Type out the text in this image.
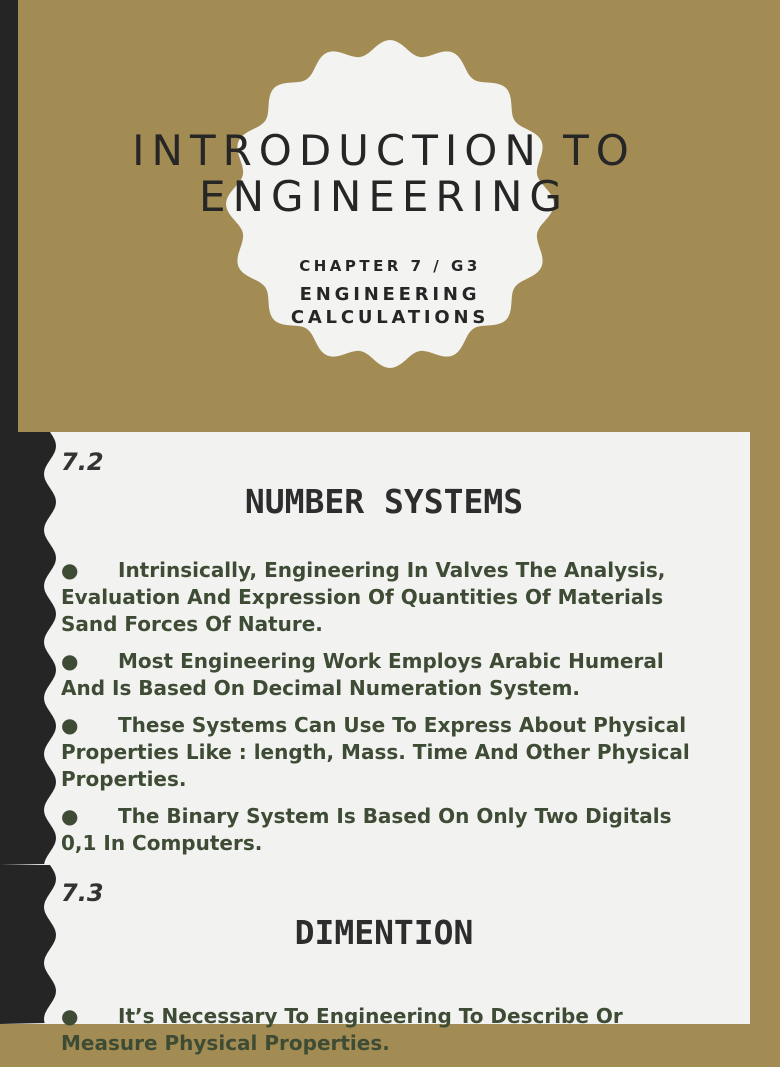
INTRODUCTION TO
ENGINEERING
CHAPTER 7 / G3
ENGINEERING
CALCULATIONS
7.2
NUMBER SYSTEMS
● Intrinsically, Engineering In Valves The Analysis, Evaluation And Expression Of Quantities Of Materials Sand Forces Of Nature.
● Most Engineering Work Employs Arabic Humeral And Is Based On Decimal Numeration System.
● These Systems Can Use To Express About Physical Properties Like : length, Mass. Time And Other Physical Properties.
● The Binary System Is Based On Only Two Digitals 0,1 In Computers.
7.3
DIMENTION
● It’s Necessary To Engineering To Describe Or Measure Physical Properties.
